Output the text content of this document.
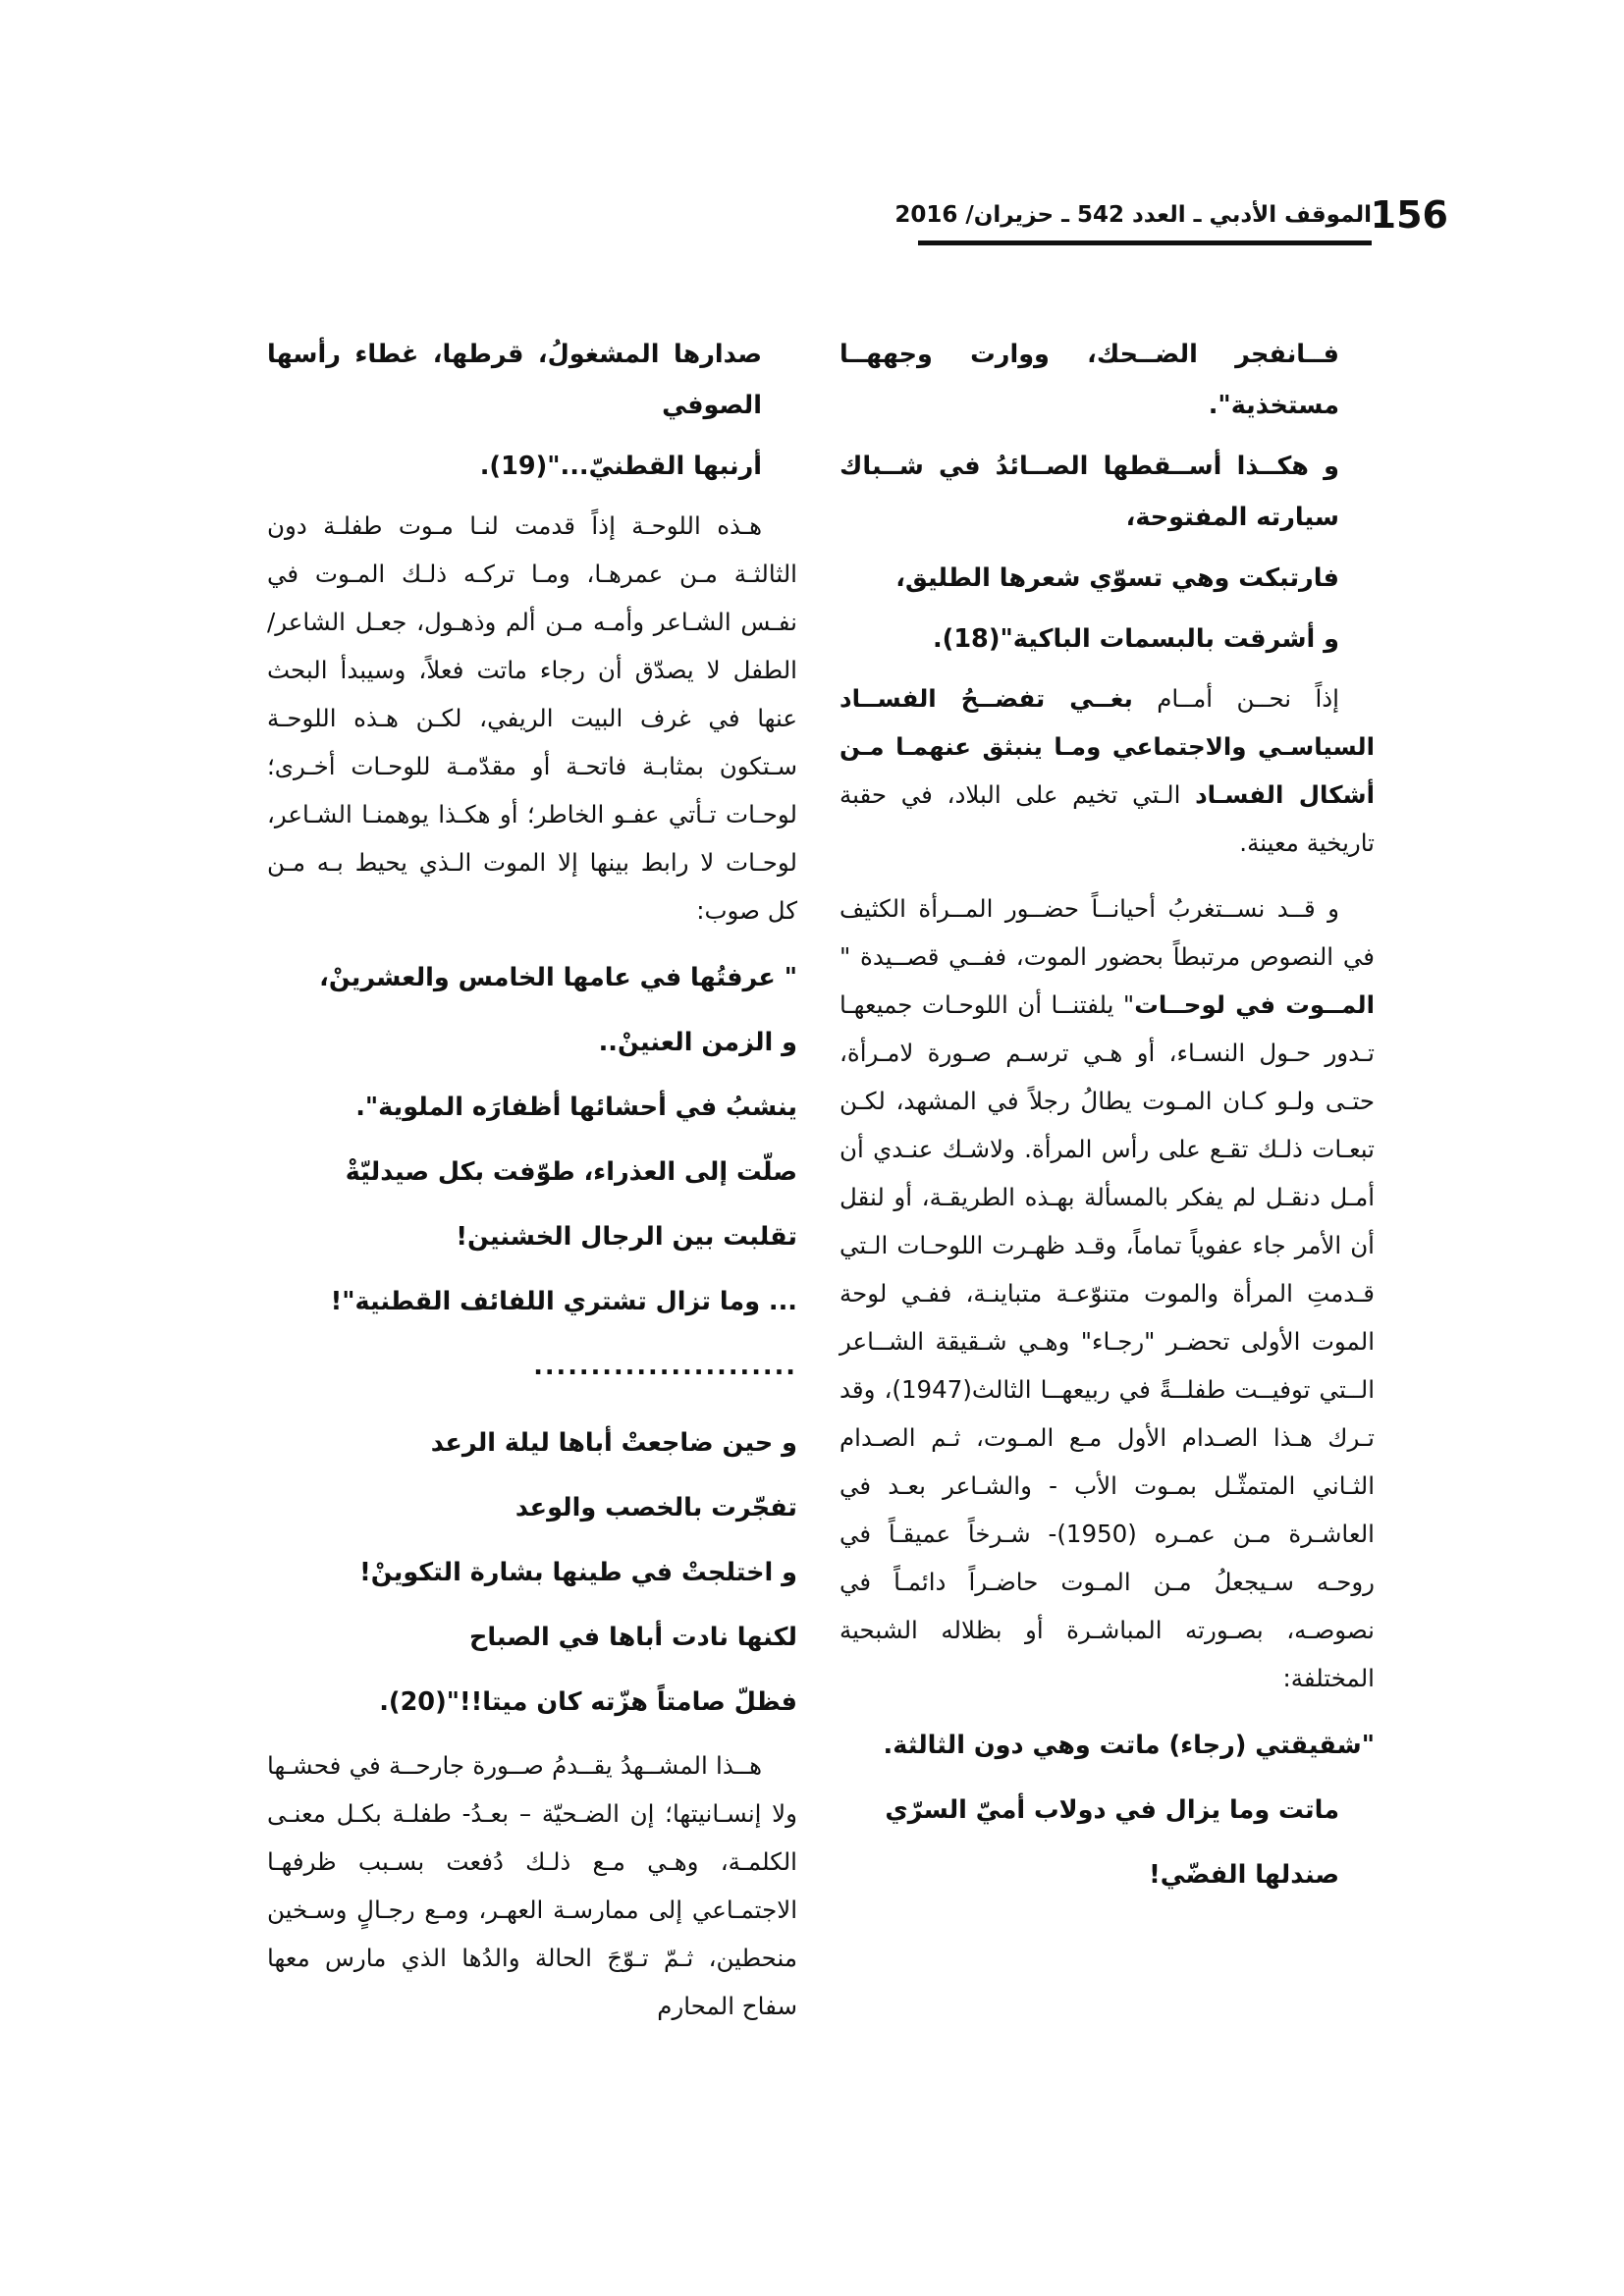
156
الموقف الأدبي ـ العدد 542 ـ حزيران/ 2016
فــانفجر الضــحك، ووارت وجههــا مستخذية".
و هكــذا أســقطها الصــائدُ في شــباك سيارته المفتوحة،
فارتبكت وهي تسوّي شعرها الطليق،
و أشرقت بالبسمات الباكية"(18).

إذاً نحــن أمــام بغــي تفضــحُ الفســاد السياسـي والاجتماعي ومـا ينبثق عنهمـا مـن أشكال الفسـاد الـتي تخيم على البلاد، في حقبة تاريخية معينة.

و قــد نســتغربُ أحيانــاً حضــور المــرأة الكثيف في النصوص مرتبطاً بحضور الموت، ففــي قصــيدة " المــوت في لوحــات" يلفتنــا أن اللوحـات جميعهـا تـدور حـول النسـاء، أو هـي ترسـم صـورة لامـرأة، حتـى ولـو كـان المـوت يطالُ رجلاً في المشهد، لكـن تبعـات ذلـك تقـع على رأس المرأة. ولاشـك عنـدي أن أمـل دنقـل لم يفكر بالمسألة بهـذه الطريقـة، أو لنقل أن الأمر جاء عفوياً تماماً، وقـد ظهـرت اللوحـات الـتي قـدمتِ المرأة والموت متنوّعـة متباينـة، ففـي لوحة الموت الأولى تحضـر "رجـاء" وهـي شـقيقة الشــاعر الــتي توفيــت طفلــةً في ربيعهــا الثالث(1947)، وقد تـرك هـذا الصـدام الأول مـع المـوت، ثـم الصـدام الثـاني المتمثّـل بمـوت الأب - والشـاعر بعـد في العاشـرة مـن عمـره (1950)- شـرخاً عميقـاً في روحـه سـيجعلُ مـن المـوت حاضـراً دائمـاً في نصوصـه، بصـورته المباشـرة أو بظلاله الشبحية المختلفة:

"شقيقتي (رجاء) ماتت وهي دون الثالثة.
ماتت وما يزال في دولاب أميّ السرّي
صندلها الفضّي!
صدارها المشغولُ، قرطها، غطاء رأسها الصوفي
أرنبها القطنيّ..."(19).

هـذه اللوحـة إذاً قدمت لنـا مـوت طفلـة دون الثالثـة مـن عمرهـا، ومـا تركـه ذلـك المـوت في نفـس الشـاعر وأمـه مـن ألم وذهـول، جعـل الشاعر/ الطفل لا يصدّق أن رجاء ماتت فعلاً، وسيبدأ البحث عنها في غرف البيت الريفي، لكـن هـذه اللوحـة سـتكون بمثابـة فاتحـة أو مقدّمـة للوحـات أخـرى؛ لوحـات تـأتي عفـو الخاطر؛ أو هكـذا يوهمنـا الشـاعر، لوحـات لا رابط بينها إلا الموت الـذي يحيط بـه مـن كل صوب:

" عرفتُها في عامها الخامس والعشرينْ،
و الزمن العنينْ..
ينشبُ في أحشائها أظفارَه الملوية".
صلّت إلى العذراء، طوّفت بكل صيدليّةْ
تقلبت بين الرجال الخشنين!
... وما تزال تشتري اللفائف القطنية"!
.......................
و حين ضاجعتْ أباها ليلة الرعد
تفجّرت بالخصب والوعد
و اختلجتْ في طينها بشارة التكوينْ!
لكنها نادت أباها في الصباح
فظلّ صامتاً هزّته كان ميتا!!"(20).

هــذا المشــهدُ يقــدمُ صــورة جارحــة في فحشـها ولا إنسـانيتها؛ إن الضـحيّة – بعـدُ- طفلـة بكـل معنـى الكلمـة، وهـي مـع ذلـك دُفعت بسـبب ظرفهـا الاجتمـاعي إلى ممارسـة العهـر، ومـع رجـالٍ وسـخين منحطين، ثـمّ تـوّجَ الحالة والدُها الذي مارس معها سفاح المحارم
